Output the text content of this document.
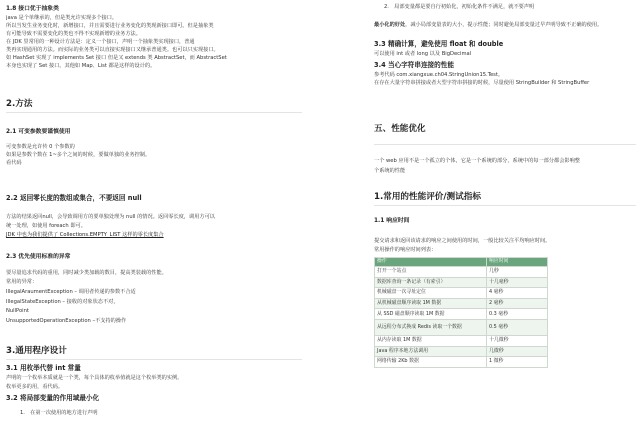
1.8 接口优于抽象类
java 是个单继承的，但是类允许实现多个接口。
所以当发生业务变化时，新增接口，并且需要进行业务变化的类现新接口即可。但是抽象类
有可能导致不需要变化的类也不得不实现新增的业务方法。
在 JDK 里常用的一种设计方法是：定义一个接口，声明一个抽象类实现接口，普通
类再实现通用的方法。而实际的业务类可以直接实现接口又继承普通类。也可以只实现接口。
如 HashSet 实现了 implements Set 接口 但是又 extends 类 AbstractSet，而 AbstractSet
本身也实现了 Set 接口。其他如 Map、List 都是这样的设计的。
2.方法
2.1 可变参数要谨慎使用
可变参数是允许传 0 个参数的
如果是参数个数在 1~多个之间的时候，要做单独的业务控制。
看代码
2.2 返回零长度的数组或集合，不要返回 null
方法的结果返回null，会导致调用方的要单独处理为 null 的情况。返回零长度，调用方可以
统一处理，如使用 foreach 即可。
JDK 中也为我们提供了 Collections.EMPTY_LIST 这样的零长度集合
2.3 优先使用标准的异常
要尽量追求代码的重用，同时减少类加载的数目，提高类装载的性能。
常用的异常：
IllegalAraumentException – 调用者传递的参数不合适
IllegalStateException – 接收的对象状态不对，
NullPoint
UnsupportedOperationException –不支持的操作
3.通用程序设计
3.1 用枚举代替 int 常量
声明的一个枚举本质就是一个类，每个具体的枚举值就是这个枚举类的实例。
枚举更多的用，看代码。
3.2 将局部变量的作用域最小化
1.　在第一次使用的地方进行声明
2.　局部变量都是要自行初始化，初始化条件不满足，就不要声明
最小化的好处，减小局部变量表的大小，提示性能；同时避免局部变量过早声明导致不正确的使用。
3.3 精确计算，避免使用 float 和 double
可以使用 int 或者 long 以及 BigDecimal
3.4 当心字符串连接的性能
参考代码 com.xiangxue.ch04.StringUnion15.Test。
在存在大量字符串拼接或者大型字符串拼接的时候，尽量使用 StringBuilder 和 StringBuffer
五、性能优化
一个 web 应用不是一个孤立的个体，它是一个系统的部分，系统中的每一部分都会影响整
个系统的性能
1.常用的性能评价/测试指标
1.1 响应时间
提交请求和返回该请求的响应之间使用的时间，一般比较关注平均响应时间。
常用操作的响应时间列表：
操作	响应时间
打开一个站点	几秒
数据库查询一条记录（有索引）	十几毫秒
机械磁盘一次寻址定位	4 毫秒
从机械磁盘顺序读取 1M 数据	2 毫秒
从 SSD 磁盘顺序读取 1M 数据	0.3 毫秒
从远程分布式换成 Redis 读取一个数据	0.5 毫秒
从内存读取 1M 数据	十几微秒
Java 程序本地方法调用	几微秒
网络传输 2Kb 数据	1 微秒
